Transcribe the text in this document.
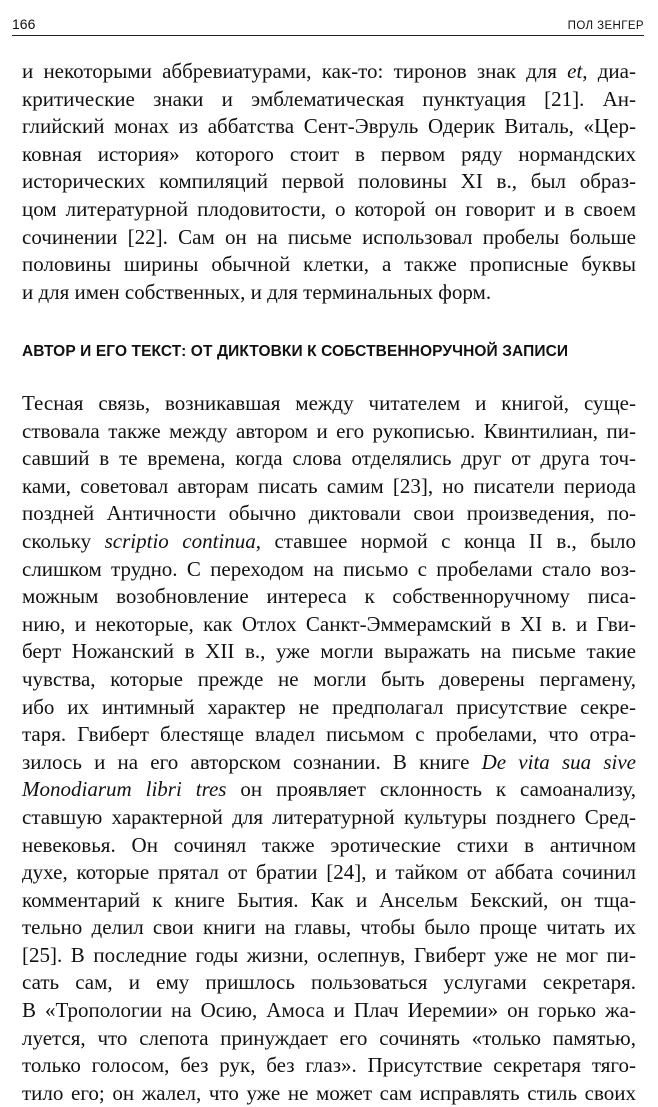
166	ПОЛ ЗЕНГЕР
и некоторыми аббревиатурами, как-то: тиронов знак для et, диа-
критические знаки и эмблематическая пунктуация [21]. Ан-
глийский монах из аббатства Сент-Эвруль Одерик Виталь, «Цер-
ковная история» которого стоит в первом ряду нормандских
исторических компиляций первой половины XI в., был образ-
цом литературной плодовитости, о которой он говорит и в своем
сочинении [22]. Сам он на письме использовал пробелы больше
половины ширины обычной клетки, а также прописные буквы
и для имен собственных, и для терминальных форм.
АВТОР И ЕГО ТЕКСТ: ОТ ДИКТОВКИ К СОБСТВЕННОРУЧНОЙ ЗАПИСИ
Тесная связь, возникавшая между читателем и книгой, суще-
ствовала также между автором и его рукописью. Квинтилиан, пи-
савший в те времена, когда слова отделялись друг от друга точ-
ками, советовал авторам писать самим [23], но писатели периода
поздней Античности обычно диктовали свои произведения, по-
скольку scriptio continua, ставшее нормой с конца II в., было
слишком трудно. С переходом на письмо с пробелами стало воз-
можным возобновление интереса к собственноручному писа-
нию, и некоторые, как Отлох Санкт-Эммерамский в XI в. и Гви-
берт Ножанский в XII в., уже могли выражать на письме такие
чувства, которые прежде не могли быть доверены пергамену,
ибо их интимный характер не предполагал присутствие секре-
таря. Гвиберт блестяще владел письмом с пробелами, что отра-
зилось и на его авторском сознании. В книге De vita sua sive
Monodiarum libri tres он проявляет склонность к самоанализу,
ставшую характерной для литературной культуры позднего Сред-
невековья. Он сочинял также эротические стихи в античном
духе, которые прятал от братии [24], и тайком от аббата сочинил
комментарий к книге Бытия. Как и Ансельм Бекский, он тща-
тельно делил свои книги на главы, чтобы было проще читать их
[25]. В последние годы жизни, ослепнув, Гвиберт уже не мог пи-
сать сам, и ему пришлось пользоваться услугами секретаря.
В «Тропологии на Осию, Амоса и Плач Иеремии» он горько жа-
луется, что слепота принуждает его сочинять «только памятью,
только голосом, без рук, без глаз». Присутствие секретаря тяго-
тило его; он жалел, что уже не может сам исправлять стиль своих
